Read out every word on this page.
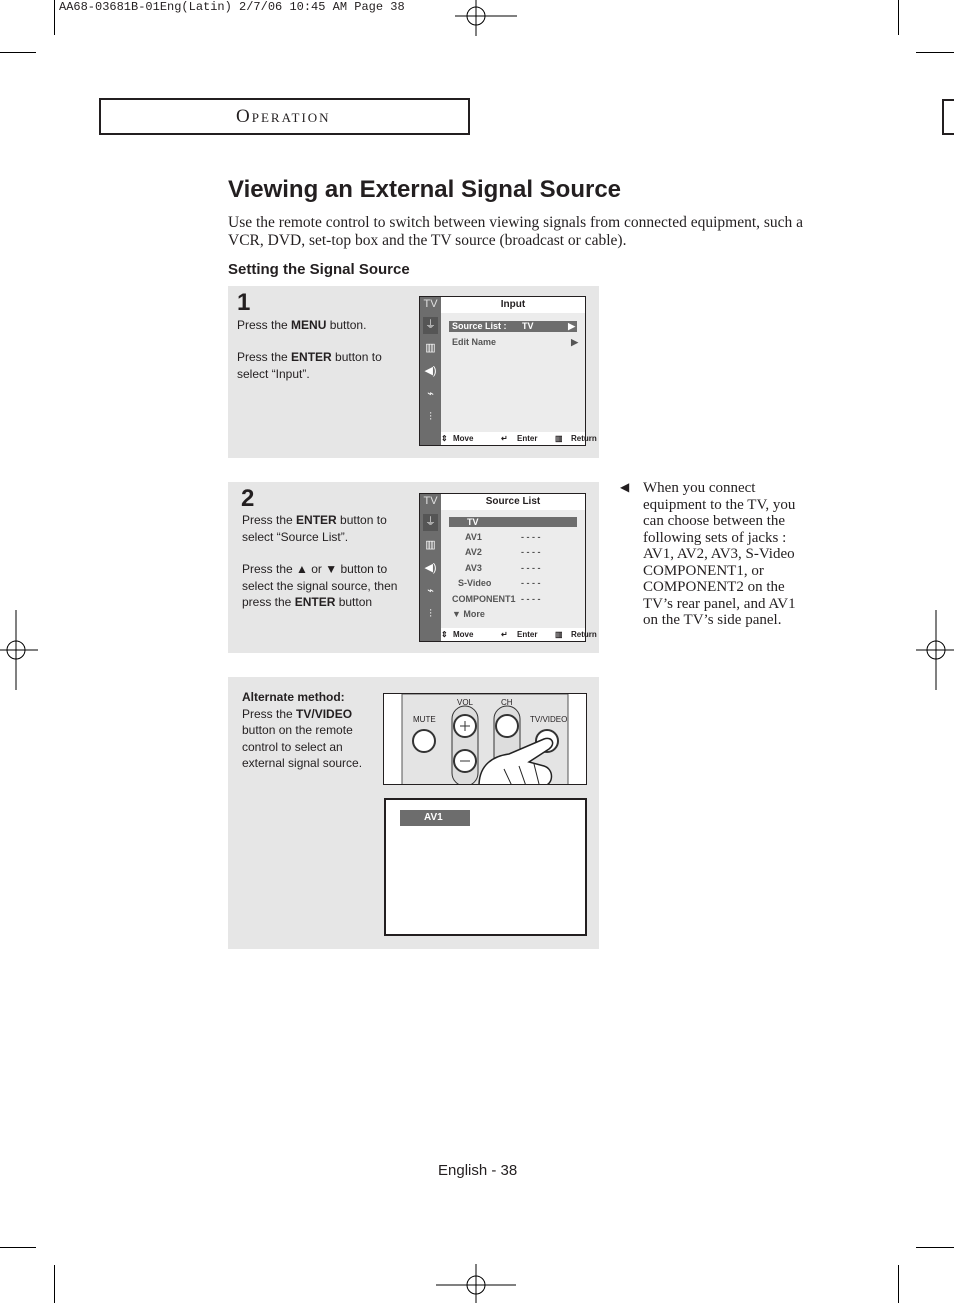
AA68-03681B-01Eng(Latin) 2/7/06 10:45 AM Page 38
OPERATION
Viewing an External Signal Source
Use the remote control to switch between viewing signals from connected equipment, such a VCR, DVD, set-top box and the TV source (broadcast or cable).
Setting the Signal Source
1
Press the MENU button.
Press the ENTER button to select “Input”.
TV
⏚
▥
◀)
⌁
⫶
Input
Source List : TV	▶
Edit Name	▶
⇕ Move	↵ Enter ▥ Return
2
Press the ENTER button to select “Source List”.
Press the ▲ or ▼ button to select the signal source, then press the ENTER button
TV
⏚
▥
◀)
⌁
⫶
Source List
TV
AV1	- - - -
AV2	- - - -
AV3	- - - -
S-Video	- - - -
COMPONENT1 - - - -
▼ More
⇕ Move	↵ Enter ▥ Return
Alternate method:
Press the TV/VIDEO button on the remote control to select an external signal source.
MUTE
VOL	CH
TV/VIDEO
AV1
◀ When you connect equipment to the TV, you can choose between the following sets of jacks : AV1, AV2, AV3, S-Video COMPONENT1, or COMPONENT2 on the TV’s rear panel, and AV1 on the TV’s side panel.
English - 38
